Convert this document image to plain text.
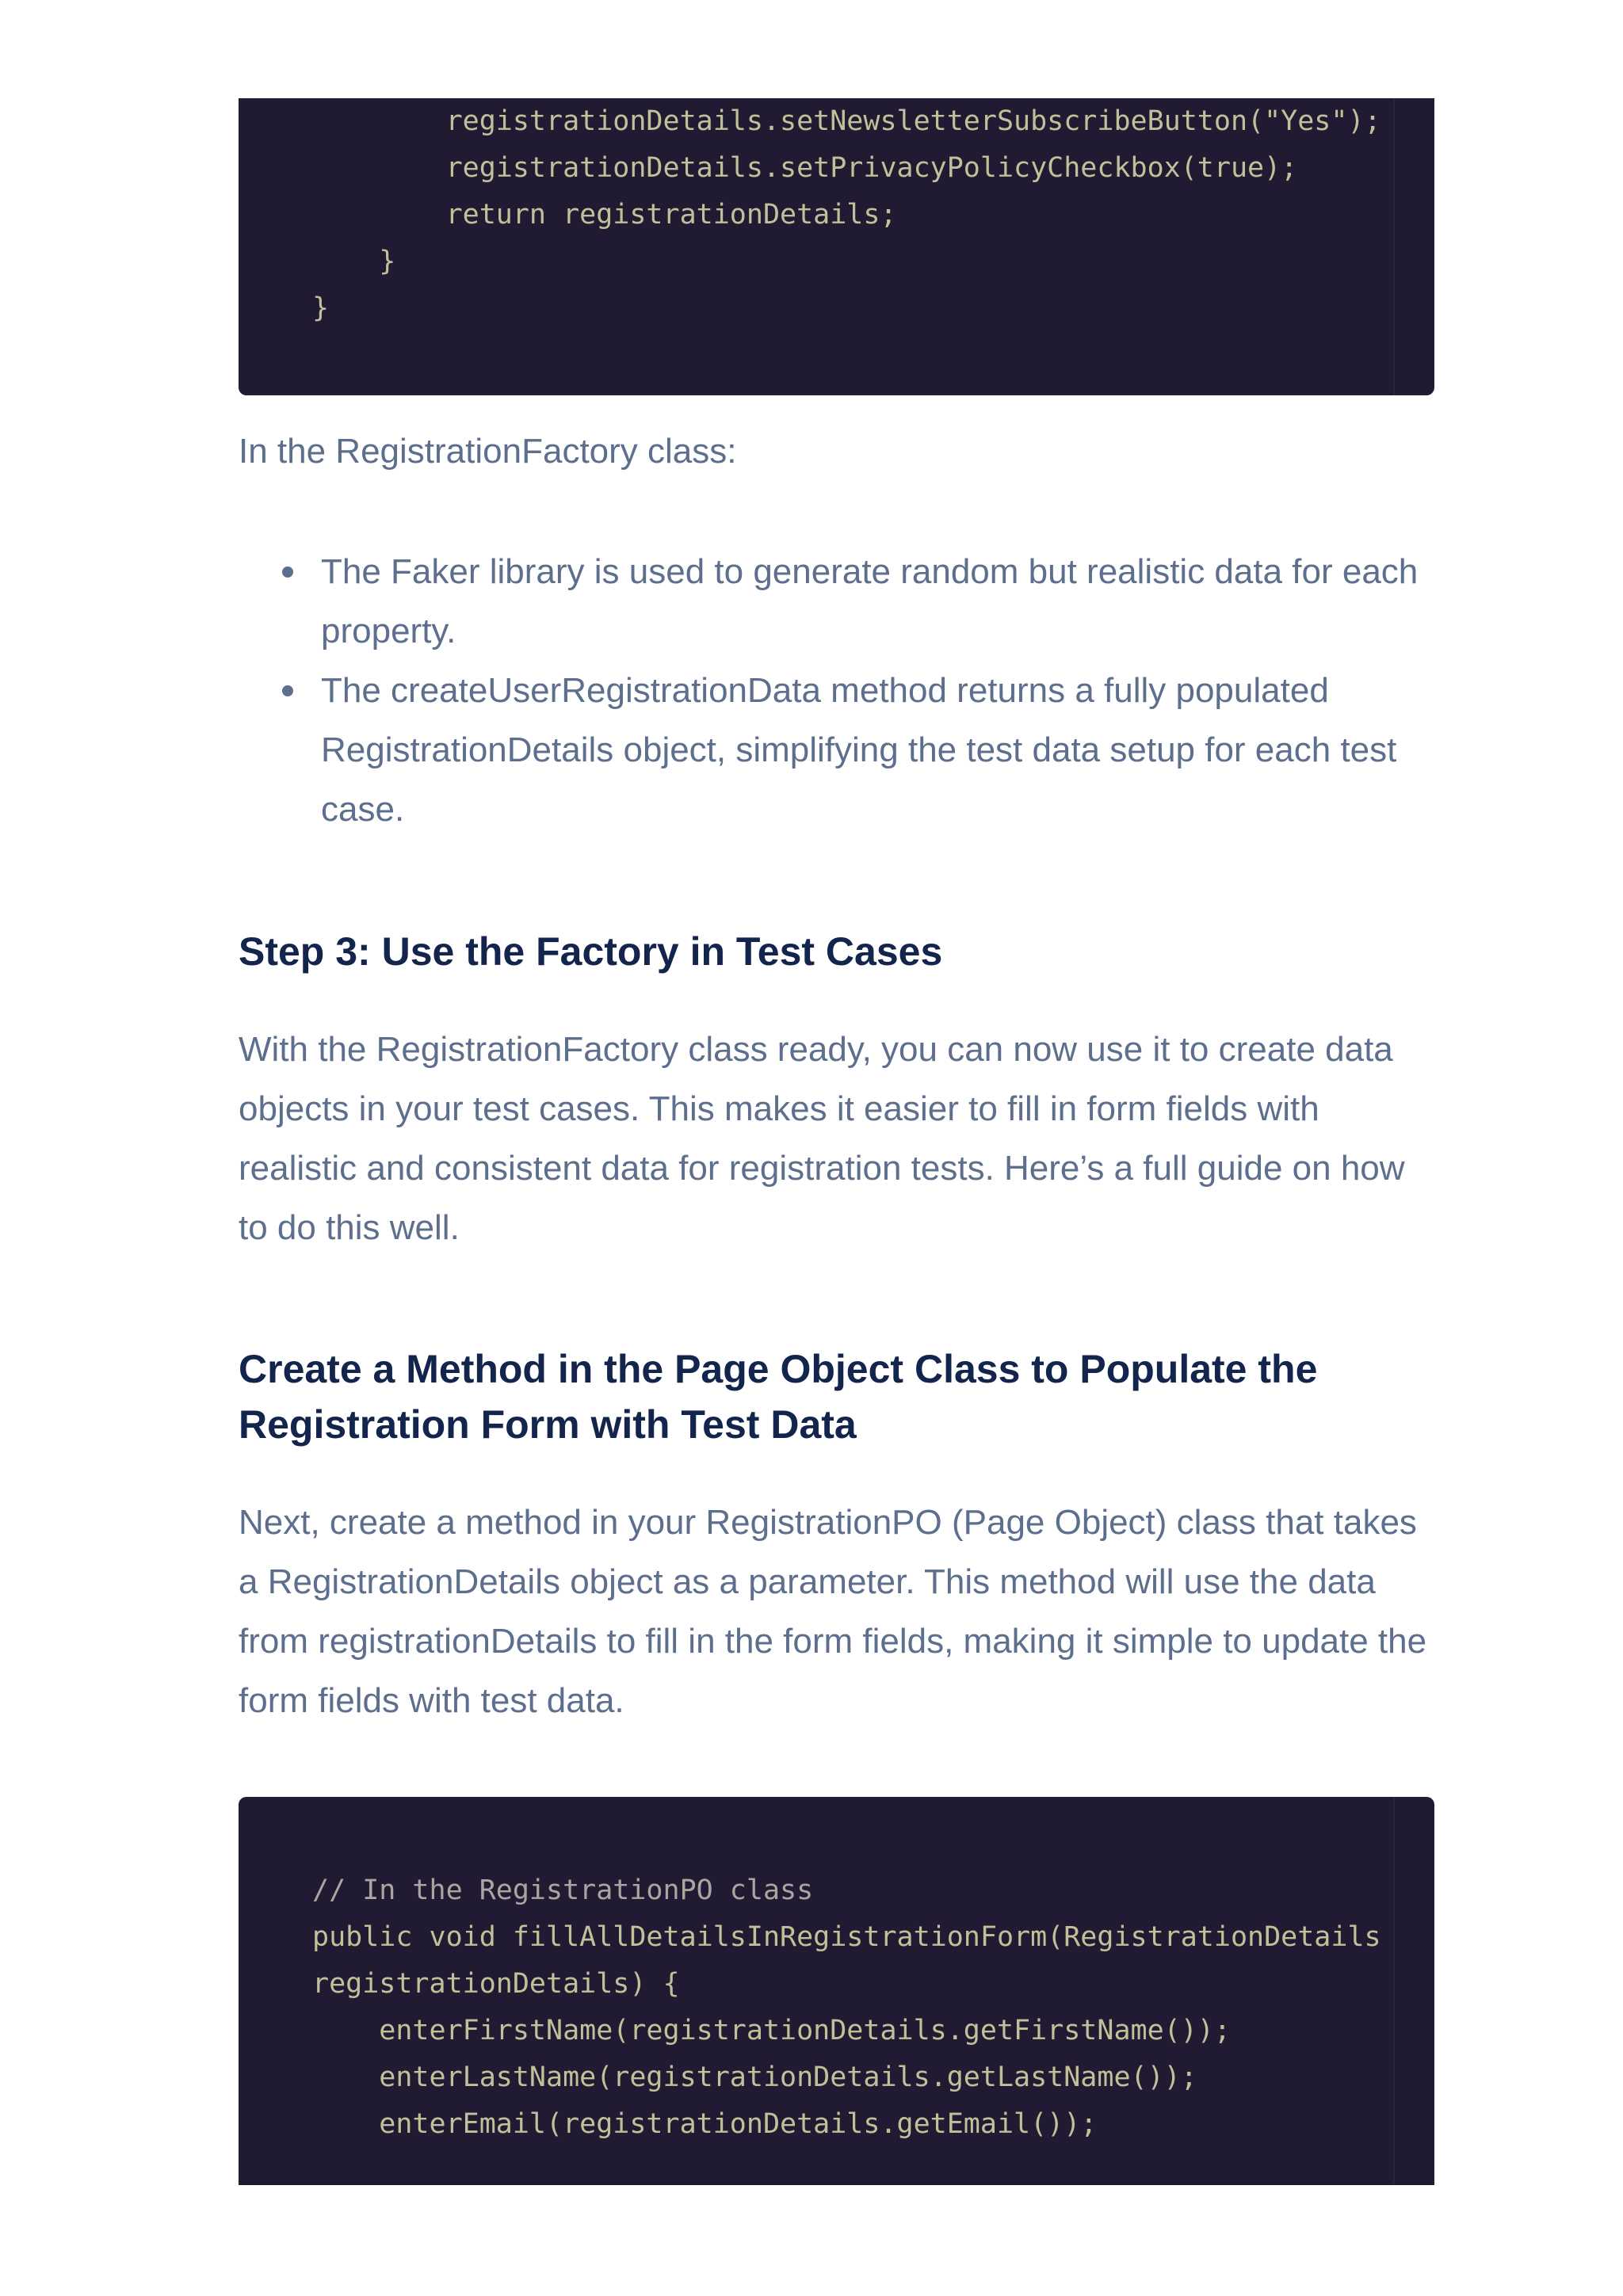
registrationDetails.setNewsletterSubscribeButton("Yes");
registrationDetails.setPrivacyPolicyCheckbox(true);
return registrationDetails;
}
}

In the RegistrationFactory class:

The Faker library is used to generate random but realistic data for each property.
The createUserRegistrationData method returns a fully populated RegistrationDetails object, simplifying the test data setup for each test case.
Step 3: Use the Factory in Test Cases

With the RegistrationFactory class ready, you can now use it to create data objects in your test cases. This makes it easier to fill in form fields with realistic and consistent data for registration tests. Here’s a full guide on how to do this well.

Create a Method in the Page Object Class to Populate the Registration Form with Test Data

Next, create a method in your RegistrationPO (Page Object) class that takes a RegistrationDetails object as a parameter. This method will use the data from registrationDetails to fill in the form fields, making it simple to update the form fields with test data.

// In the RegistrationPO class
public void fillAllDetailsInRegistrationForm(RegistrationDetails
registrationDetails) {
enterFirstName(registrationDetails.getFirstName());
enterLastName(registrationDetails.getLastName());
enterEmail(registrationDetails.getEmail());
